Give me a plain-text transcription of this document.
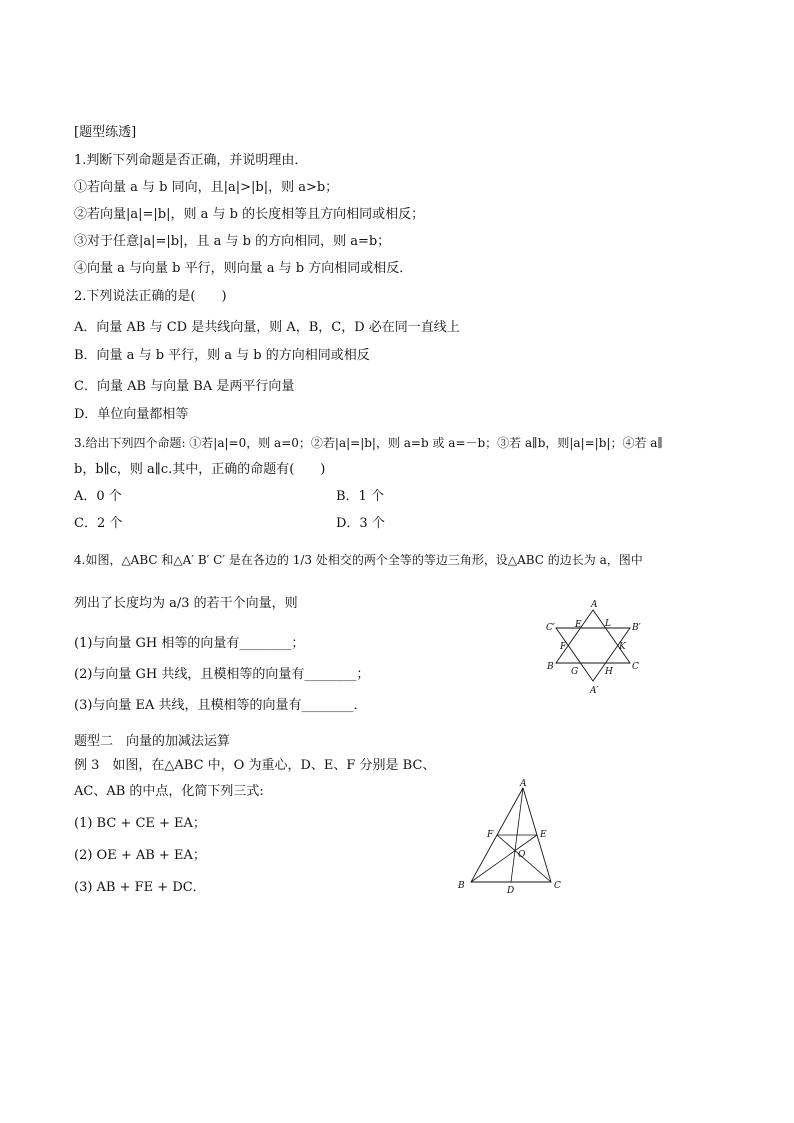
[题型练透]
1.判断下列命题是否正确，并说明理由．
①若向量 a 与 b 同向，且|a|>|b|，则 a>b；
②若向量|a|=|b|，则 a 与 b 的长度相等且方向相同或相反；
③对于任意|a|=|b|，且 a 与 b 的方向相同，则 a=b；
④向量 a 与向量 b 平行，则向量 a 与 b 方向相同或相反．
2.下列说法正确的是(　　)
A．向量 AB 与 CD 是共线向量，则 A，B，C，D 必在同一直线上
B．向量 a 与 b 平行，则 a 与 b 的方向相同或相反
C．向量 AB 与向量 BA 是两平行向量
D．单位向量都相等
3.给出下列四个命题: ①若|a|=0，则 a=0；②若|a|=|b|，则 a=b 或 a=－b；③若 a∥b，则|a|=|b|；④若 a∥
b，b∥c，则 a∥c.其中，正确的命题有(　　)
A．0 个	B．1 个
C．2 个	D．3 个
4.如图，△ABC 和△A′ B′ C′ 是在各边的 1/3 处相交的两个全等的等边三角形，设△ABC 的边长为 a，图中
列出了长度均为 a/3 的若干个向量，则
(1)与向量 GH 相等的向量有________；
(2)与向量 GH 共线，且模相等的向量有________；
(3)与向量 EA 共线，且模相等的向量有________．
题型二　向量的加减法运算
例 3　如图，在△ABC 中，O 为重心，D、E、F 分别是 BC、
AC、AB 的中点，化简下列三式:
(1) BC + CE + EA；
(2) OE + AB + EA；
(3) AB + FE + DC．
A
B′
C
A′
B
C′ E	L
K
H
G
F
A
B	C
D
E
F
O
